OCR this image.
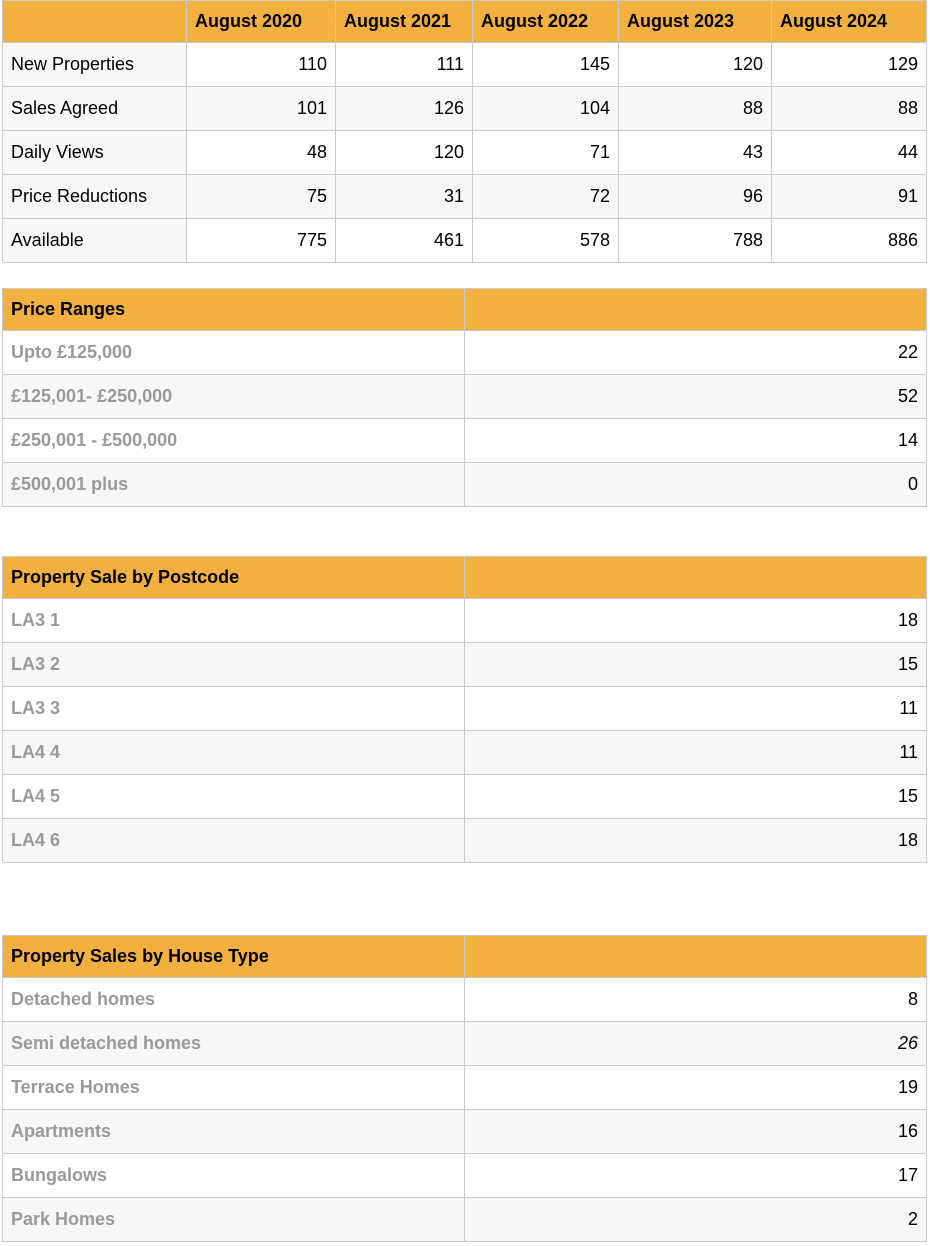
	August 2020	August 2021	August 2022	August 2023	August 2024
New Properties	110	111	145	120	129
Sales Agreed	101	126	104	88	88
Daily Views	48	120	71	43	44
Price Reductions	75	31	72	96	91
Available	775	461	578	788	886
Price Ranges	
Upto £125,000	22
£125,001- £250,000	52
£250,001 - £500,000	14
£500,001 plus	0
Property Sale by Postcode	
LA3 1	18
LA3 2	15
LA3 3	11
LA4 4	11
LA4 5	15
LA4 6	18
Property Sales by House Type	
Detached homes	8
Semi detached homes	26
Terrace Homes	19
Apartments	16
Bungalows	17
Park Homes	2
